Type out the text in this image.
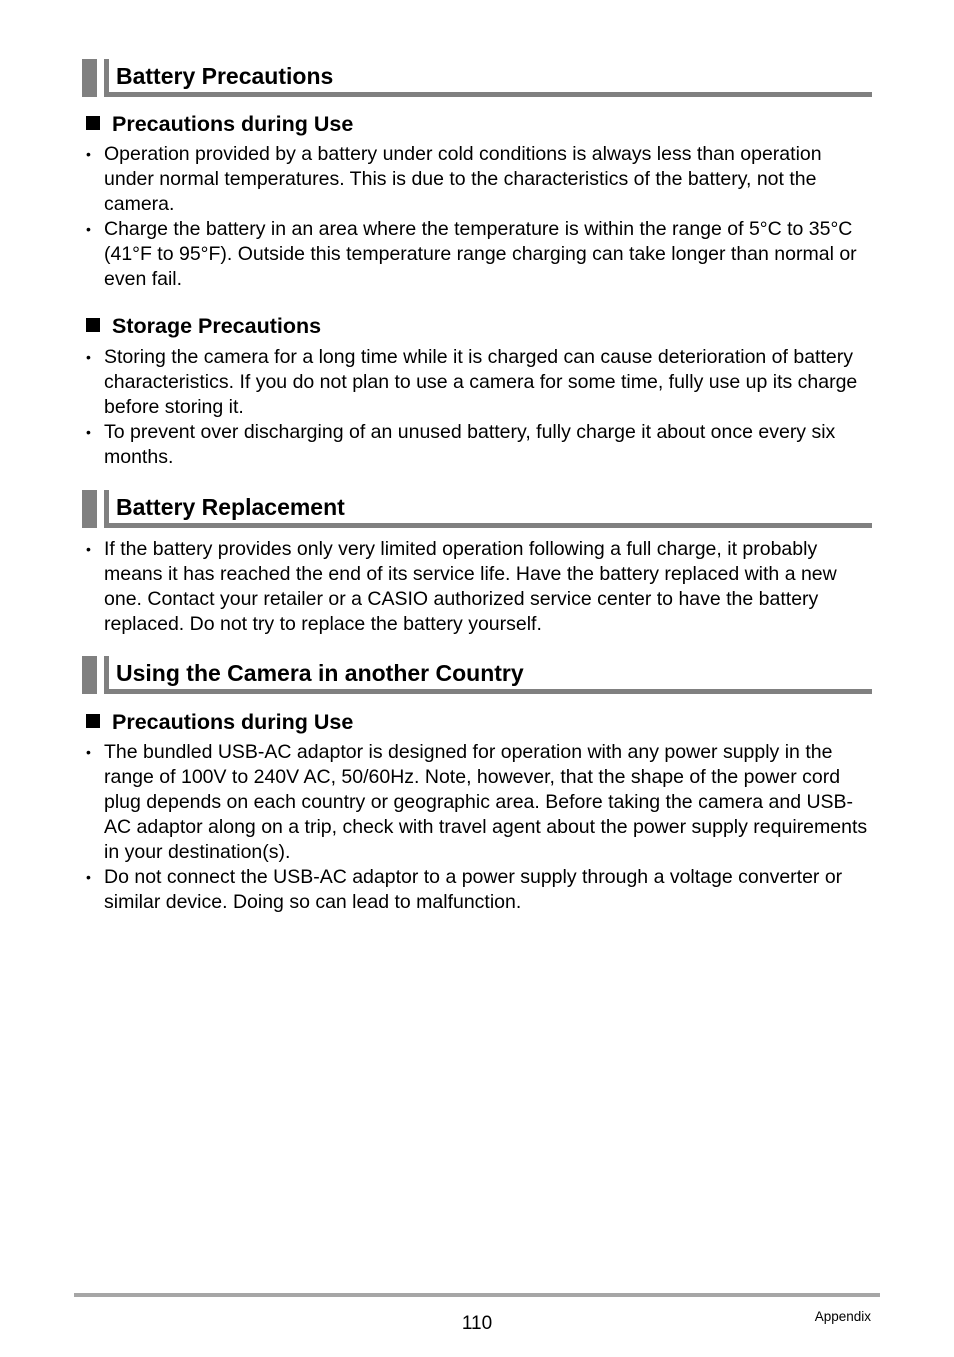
Battery Precautions
Precautions during Use
• Operation provided by a battery under cold conditions is always less than operation under normal temperatures. This is due to the characteristics of the battery, not the camera.
• Charge the battery in an area where the temperature is within the range of 5°C to 35°C (41°F to 95°F). Outside this temperature range charging can take longer than normal or even fail.
Storage Precautions
• Storing the camera for a long time while it is charged can cause deterioration of battery characteristics. If you do not plan to use a camera for some time, fully use up its charge before storing it.
• To prevent over discharging of an unused battery, fully charge it about once every six months.
Battery Replacement
• If the battery provides only very limited operation following a full charge, it probably means it has reached the end of its service life. Have the battery replaced with a new one. Contact your retailer or a CASIO authorized service center to have the battery replaced. Do not try to replace the battery yourself.
Using the Camera in another Country
Precautions during Use
• The bundled USB-AC adaptor is designed for operation with any power supply in the range of 100V to 240V AC, 50/60Hz. Note, however, that the shape of the power cord plug depends on each country or geographic area. Before taking the camera and USB-AC adaptor along on a trip, check with travel agent about the power supply requirements in your destination(s).
• Do not connect the USB-AC adaptor to a power supply through a voltage converter or similar device. Doing so can lead to malfunction.
110	Appendix
